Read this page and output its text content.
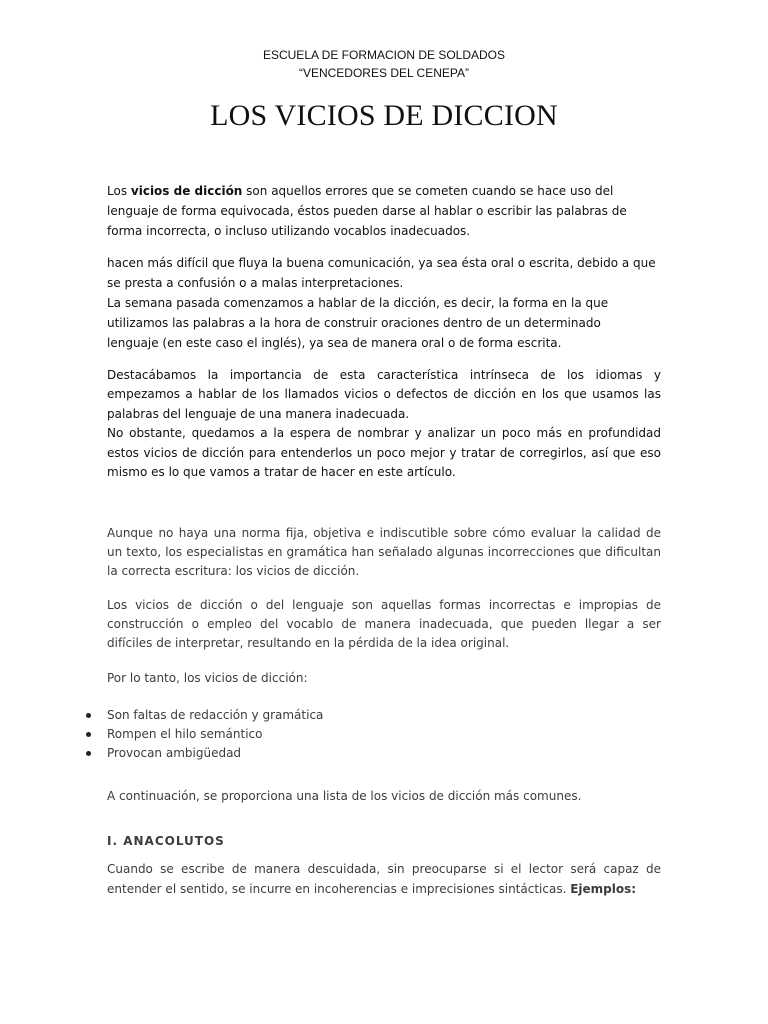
ESCUELA DE FORMACION DE SOLDADOS
“VENCEDORES DEL CENEPA”
LOS VICIOS DE DICCION

Los vicios de dicción son aquellos errores que se cometen cuando se hace uso del
lenguaje de forma equivocada, éstos pueden darse al hablar o escribir las palabras de
forma incorrecta, o incluso utilizando vocablos inadecuados.

hacen más difícil que fluya la buena comunicación, ya sea ésta oral o escrita, debido a que
se presta a confusión o a malas interpretaciones.
La semana pasada comenzamos a hablar de la dicción, es decir, la forma en la que
utilizamos las palabras a la hora de construir oraciones dentro de un determinado
lenguaje (en este caso el inglés), ya sea de manera oral o de forma escrita.

Destacábamos la importancia de esta característica intrínseca de los idiomas y
empezamos a hablar de los llamados vicios o defectos de dicción en los que usamos las
palabras del lenguaje de una manera inadecuada.
No obstante, quedamos a la espera de nombrar y analizar un poco más en profundidad
estos vicios de dicción para entenderlos un poco mejor y tratar de corregirlos, así que eso
mismo es lo que vamos a tratar de hacer en este artículo.

Aunque no haya una norma fija, objetiva e indiscutible sobre cómo evaluar la calidad de
un texto, los especialistas en gramática han señalado algunas incorrecciones que dificultan
la correcta escritura: los vicios de dicción.

Los vicios de dicción o del lenguaje son aquellas formas incorrectas e impropias de
construcción o empleo del vocablo de manera inadecuada, que pueden llegar a ser
difíciles de interpretar, resultando en la pérdida de la idea original.

Por lo tanto, los vicios de dicción:

Son faltas de redacción y gramática
Rompen el hilo semántico
Provocan ambigüedad

A continuación, se proporciona una lista de los vicios de dicción más comunes.

I. ANACOLUTOS

Cuando se escribe de manera descuidada, sin preocuparse si el lector será capaz de
entender el sentido, se incurre en incoherencias e imprecisiones sintácticas. Ejemplos:
